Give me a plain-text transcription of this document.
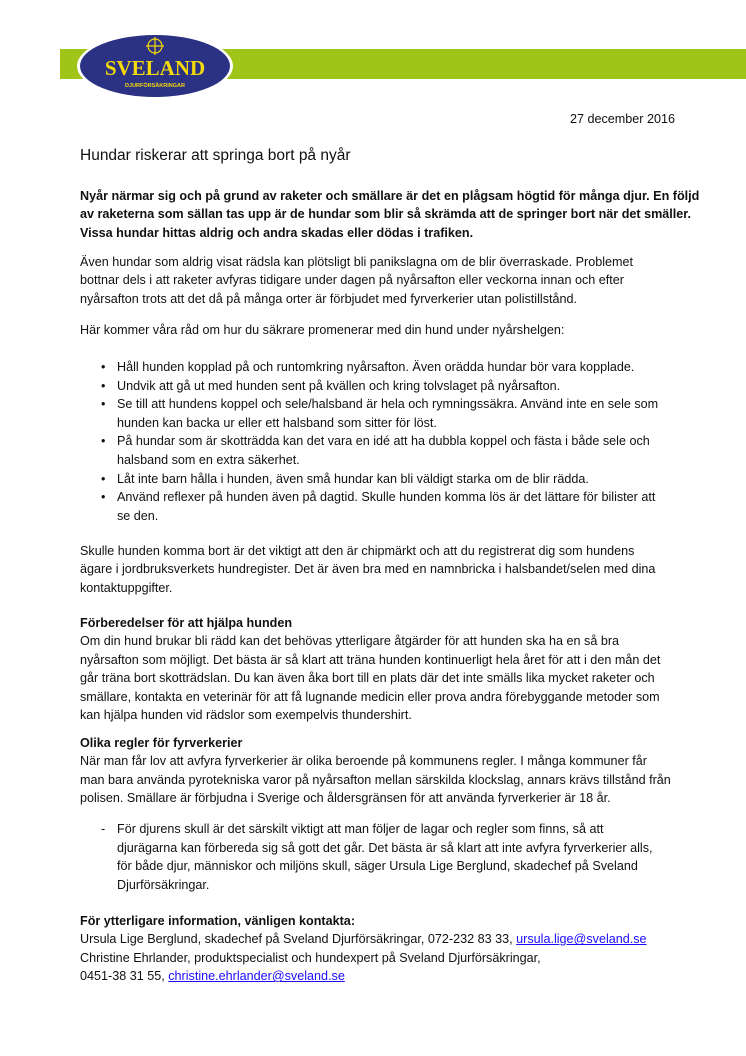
SVELAND
DJURFÖRSÄKRINGAR
27 december 2016
Hundar riskerar att springa bort på nyår
Nyår närmar sig och på grund av raketer och smällare är det en plågsam högtid för många djur. En följd
av raketerna som sällan tas upp är de hundar som blir så skrämda att de springer bort när det smäller.
Vissa hundar hittas aldrig och andra skadas eller dödas i trafiken.
Även hundar som aldrig visat rädsla kan plötsligt bli panikslagna om de blir överraskade. Problemet
bottnar dels i att raketer avfyras tidigare under dagen på nyårsafton eller veckorna innan och efter
nyårsafton trots att det då på många orter är förbjudet med fyrverkerier utan polistillstånd.
Här kommer våra råd om hur du säkrare promenerar med din hund under nyårshelgen:
• Håll hunden kopplad på och runtomkring nyårsafton. Även orädda hundar bör vara kopplade.
• Undvik att gå ut med hunden sent på kvällen och kring tolvslaget på nyårsafton.
• Se till att hundens koppel och sele/halsband är hela och rymningssäkra. Använd inte en sele som
hunden kan backa ur eller ett halsband som sitter för löst.
• På hundar som är skotträdda kan det vara en idé att ha dubbla koppel och fästa i både sele och
halsband som en extra säkerhet.
• Låt inte barn hålla i hunden, även små hundar kan bli väldigt starka om de blir rädda.
• Använd reflexer på hunden även på dagtid. Skulle hunden komma lös är det lättare för bilister att
se den.
Skulle hunden komma bort är det viktigt att den är chipmärkt och att du registrerat dig som hundens
ägare i jordbruksverkets hundregister. Det är även bra med en namnbricka i halsbandet/selen med dina
kontaktuppgifter.
Förberedelser för att hjälpa hunden
Om din hund brukar bli rädd kan det behövas ytterligare åtgärder för att hunden ska ha en så bra
nyårsafton som möjligt. Det bästa är så klart att träna hunden kontinuerligt hela året för att i den mån det
går träna bort skotträdslan. Du kan även åka bort till en plats där det inte smälls lika mycket raketer och
smällare, kontakta en veterinär för att få lugnande medicin eller prova andra förebyggande metoder som
kan hjälpa hunden vid rädslor som exempelvis thundershirt.
Olika regler för fyrverkerier
När man får lov att avfyra fyrverkerier är olika beroende på kommunens regler. I många kommuner får
man bara använda pyrotekniska varor på nyårsafton mellan särskilda klockslag, annars krävs tillstånd från
polisen. Smällare är förbjudna i Sverige och åldersgränsen för att använda fyrverkerier är 18 år.
- För djurens skull är det särskilt viktigt att man följer de lagar och regler som finns, så att
djurägarna kan förbereda sig så gott det går. Det bästa är så klart att inte avfyra fyrverkerier alls,
för både djur, människor och miljöns skull, säger Ursula Lige Berglund, skadechef på Sveland
Djurförsäkringar.
För ytterligare information, vänligen kontakta:
Ursula Lige Berglund, skadechef på Sveland Djurförsäkringar, 072-232 83 33, ursula.lige@sveland.se
Christine Ehrlander, produktspecialist och hundexpert på Sveland Djurförsäkringar,
0451-38 31 55, christine.ehrlander@sveland.se
